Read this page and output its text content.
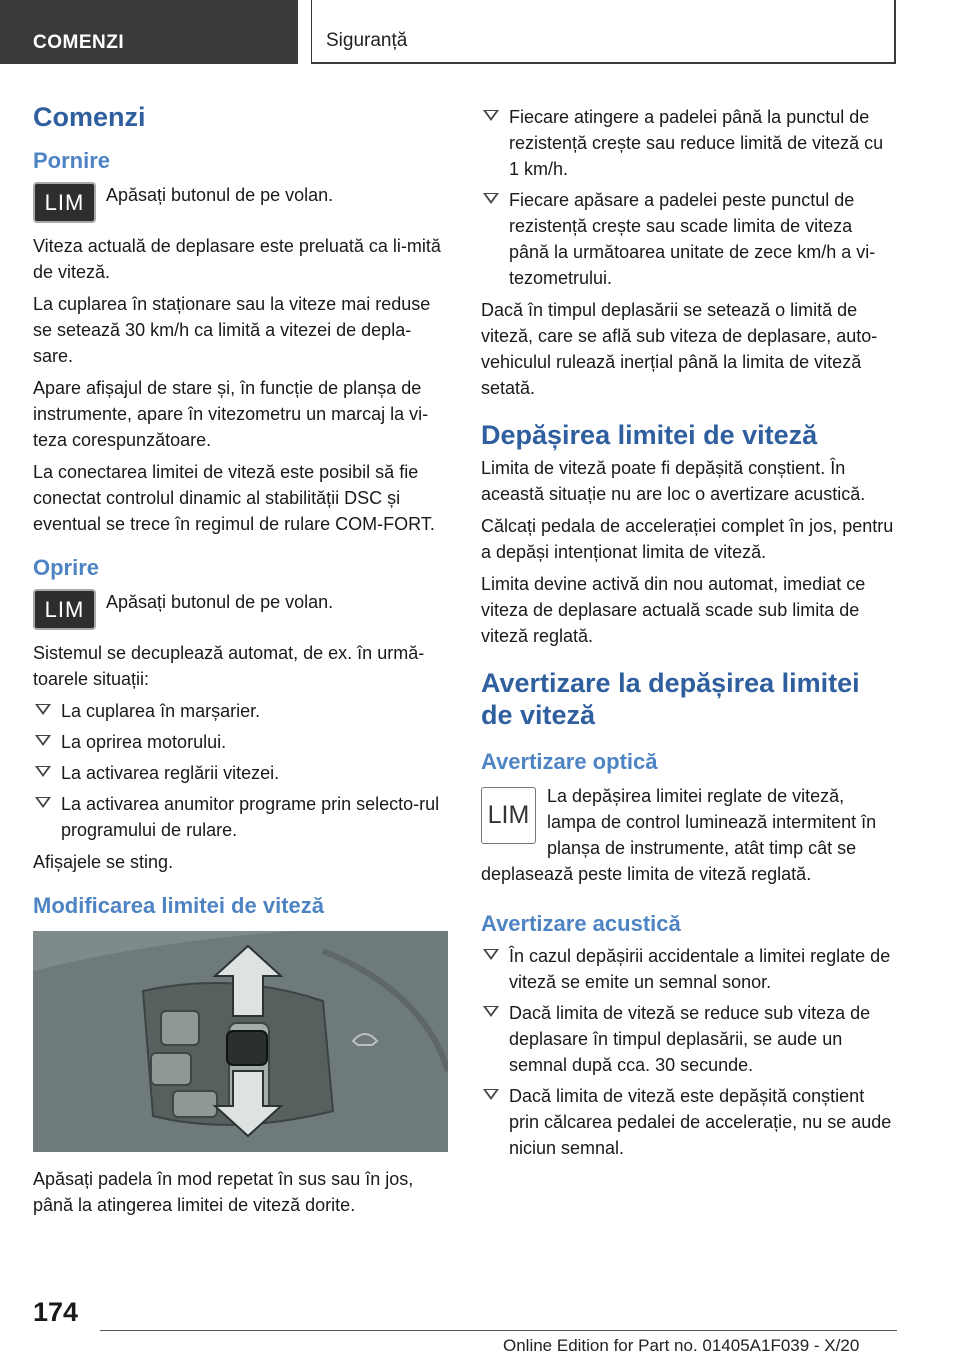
COMENZI	Siguranță
Comenzi
Pornire
LIM Apăsați butonul de pe volan.

Viteza actuală de deplasare este preluată ca li‐mită de viteză.

La cuplarea în staționare sau la viteze mai reduse se setează 30 km/h ca limită a vitezei de depla‐sare.

Apare afișajul de stare și, în funcție de planșa de instrumente, apare în vitezometru un marcaj la vi‐teza corespunzătoare.

La conectarea limitei de viteză este posibil să fie conectat controlul dinamic al stabilității DSC și eventual se trece în regimul de rulare COM‐FORT.

Oprire
LIM Apăsați butonul de pe volan.

Sistemul se decuplează automat, de ex. în urmă‐toarele situații:

La cuplarea în marșarier.
La oprirea motorului.
La activarea reglării vitezei.
La activarea anumitor programe prin selecto‐rul programului de rulare.

Afișajele se sting.

Modificarea limitei de viteză

Apăsați padela în mod repetat în sus sau în jos, până la atingerea limitei de viteză dorite.

Fiecare atingere a padelei până la punctul de rezistență crește sau reduce limită de viteză cu 1 km/h.
Fiecare apăsare a padelei peste punctul de rezistență crește sau scade limita de viteza până la următoarea unitate de zece km/h a vi‐tezometrului.

Dacă în timpul deplasării se setează o limită de viteză, care se află sub viteza de deplasare, auto‐vehiculul rulează inerțial până la limita de viteză setată.

Depășirea limitei de viteză

Limita de viteză poate fi depășită conștient. În această situație nu are loc o avertizare acustică.

Călcați pedala de accelerației complet în jos, pentru a depăși intenționat limita de viteză.

Limita devine activă din nou automat, imediat ce viteza de deplasare actuală scade sub limita de viteză reglată.

Avertizare la depășirea limitei de viteză
Avertizare optică
LIM

La depășirea limitei reglate de viteză, lampa de control luminează intermitent în planșa de instrumente, atât timp cât se deplasează peste limita de viteză reglată.

Avertizare acustică
În cazul depășirii accidentale a limitei reglate de viteză se emite un semnal sonor.
Dacă limita de viteză se reduce sub viteza de deplasare în timpul deplasării, se aude un semnal după cca. 30 secunde.
Dacă limita de viteză este depășită conștient prin călcarea pedalei de accelerație, nu se aude niciun semnal.
174
Online Edition for Part no. 01405A1F039 - X/20
